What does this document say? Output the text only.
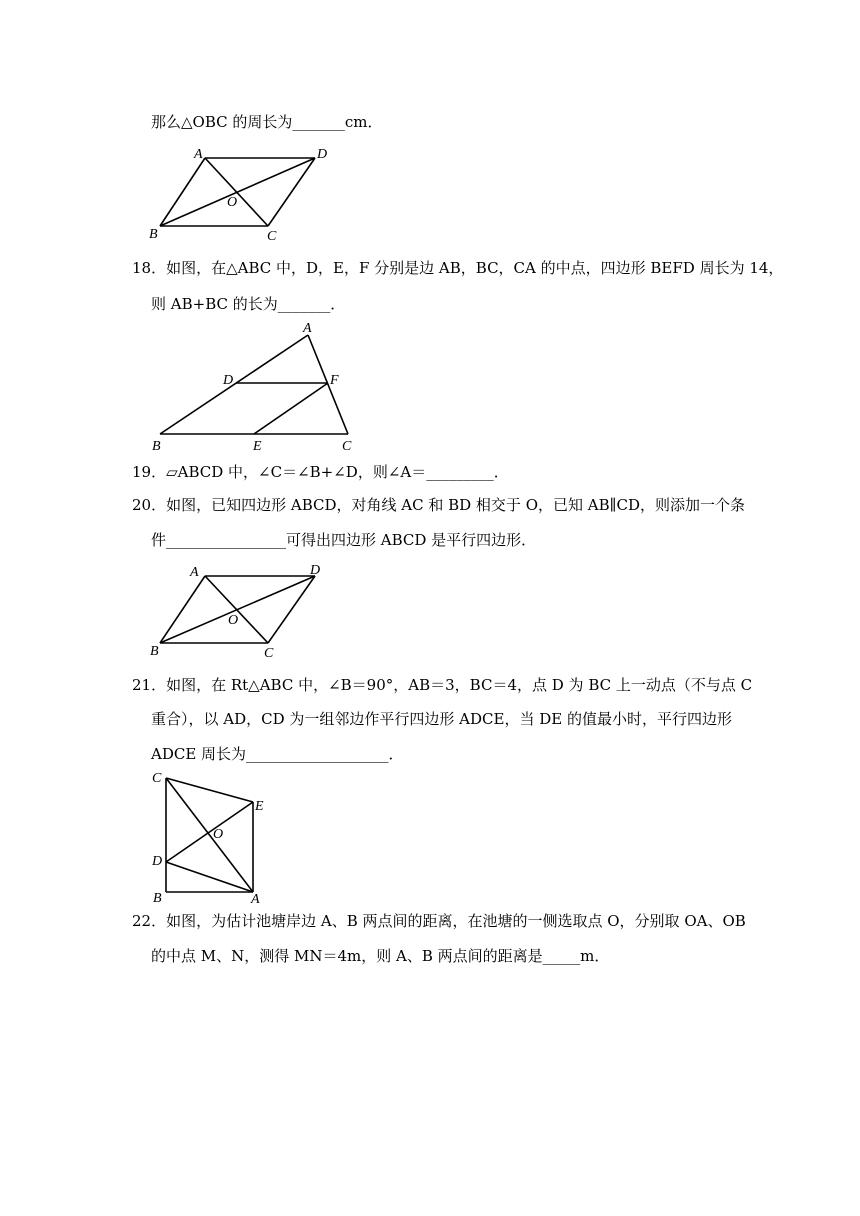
那么△OBC 的周长为_______cm．
A	D
O
B	C
18．如图，在△ABC 中，D，E，F 分别是边 AB，BC，CA 的中点，四边形 BEFD 周长为 14，
则 AB+BC 的长为_______．
A
D	F
B	E	C
19．▱ABCD 中，∠C＝∠B+∠D，则∠A＝_________．
20．如图，已知四边形 ABCD，对角线 AC 和 BD 相交于 O，已知 AB∥CD，则添加一个条
件________________可得出四边形 ABCD 是平行四边形．
A	D
O
B	C
21．如图，在 Rt△ABC 中，∠B＝90°，AB＝3，BC＝4，点 D 为 BC 上一动点（不与点 C
重合），以 AD，CD 为一组邻边作平行四边形 ADCE，当 DE 的值最小时，平行四边形
ADCE 周长为___________________．
C
E
O
D
B	A
22．如图，为估计池塘岸边 A、B 两点间的距离，在池塘的一侧选取点 O，分别取 OA、OB
的中点 M、N，测得 MN＝4m，则 A、B 两点间的距离是_____m．
